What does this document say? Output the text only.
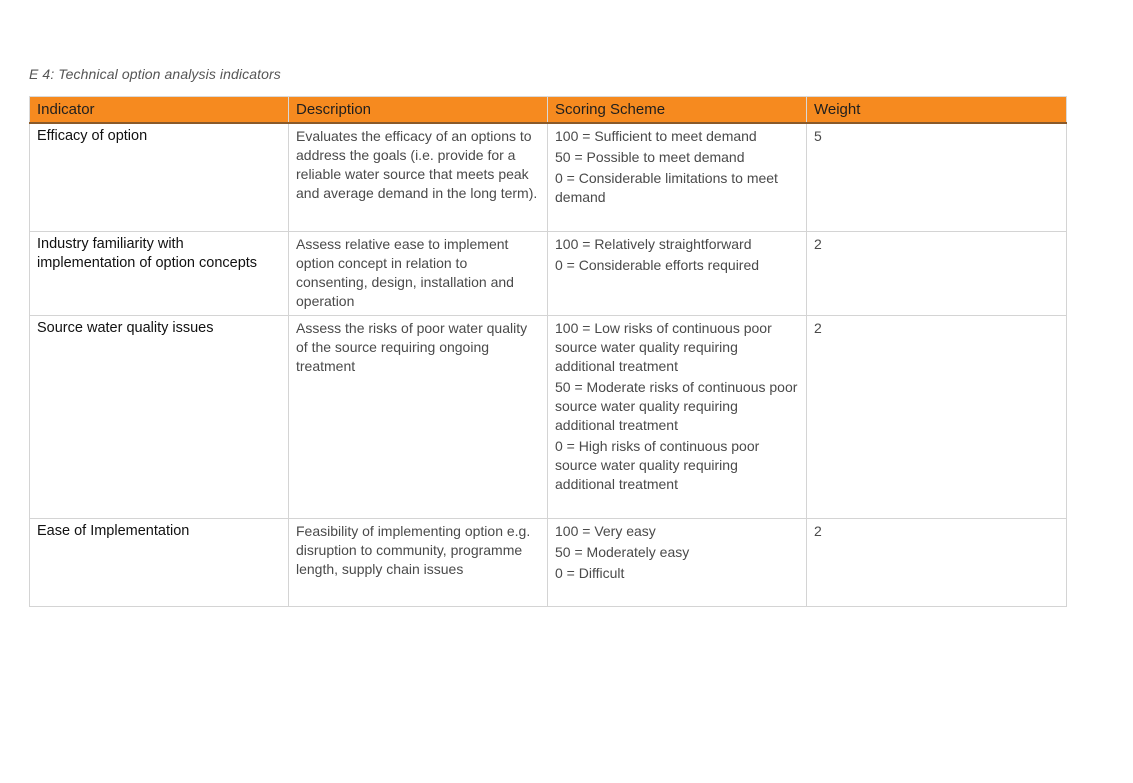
E 4: Technical option analysis indicators

Indicator	Description	Scoring Scheme	Weight
Efficacy of option	Evaluates the efficacy of an options to address the goals (i.e. provide for a reliable water source that meets peak and average demand in the long term).	100 = Sufficient to meet demand
50 = Possible to meet demand
0 = Considerable limitations to meet demand	5
Industry familiarity with implementation of option concepts	Assess relative ease to implement option concept in relation to consenting, design, installation and operation	100 = Relatively straightforward
0 = Considerable efforts required	2
Source water quality issues	Assess the risks of poor water quality of the source requiring ongoing treatment	100 = Low risks of continuous poor source water quality requiring additional treatment
50 = Moderate risks of continuous poor source water quality requiring additional treatment
0 = High risks of continuous poor source water quality requiring additional treatment	2
Ease of Implementation	Feasibility of implementing option e.g. disruption to community, programme length, supply chain issues	100 = Very easy
50 = Moderately easy
0 = Difficult	2
